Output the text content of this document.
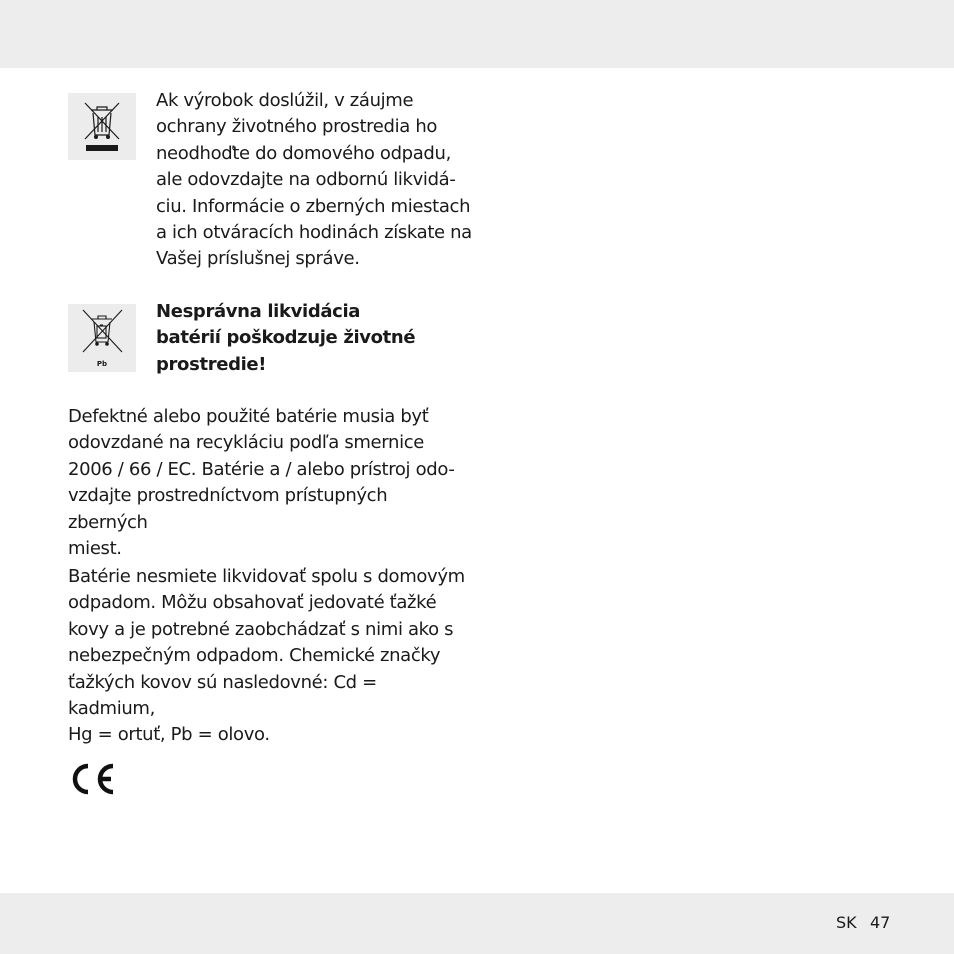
Ak výrobok doslúžil, v záujme
ochrany životného prostredia ho
neodhoďte do domového odpadu,
ale odovzdajte na odbornú likvidá-
ciu. Informácie o zberných miestach
a ich otváracích hodinách získate na
Vašej príslušnej správe.

Pb

Nesprávna likvidácia
batérií poškodzuje životné
prostredie!

Defektné alebo použité batérie musia byť
odovzdané na recykláciu podľa smernice
2006 / 66 / EC. Batérie a / alebo prístroj odo-
vzdajte prostredníctvom prístupných zberných
miest.

Batérie nesmiete likvidovať spolu s domovým
odpadom. Môžu obsahovať jedovaté ťažké
kovy a je potrebné zaobchádzať s nimi ako s
nebezpečným odpadom. Chemické značky
ťažkých kovov sú nasledovné: Cd = kadmium,
Hg = ortuť, Pb = olovo.

SK 47
